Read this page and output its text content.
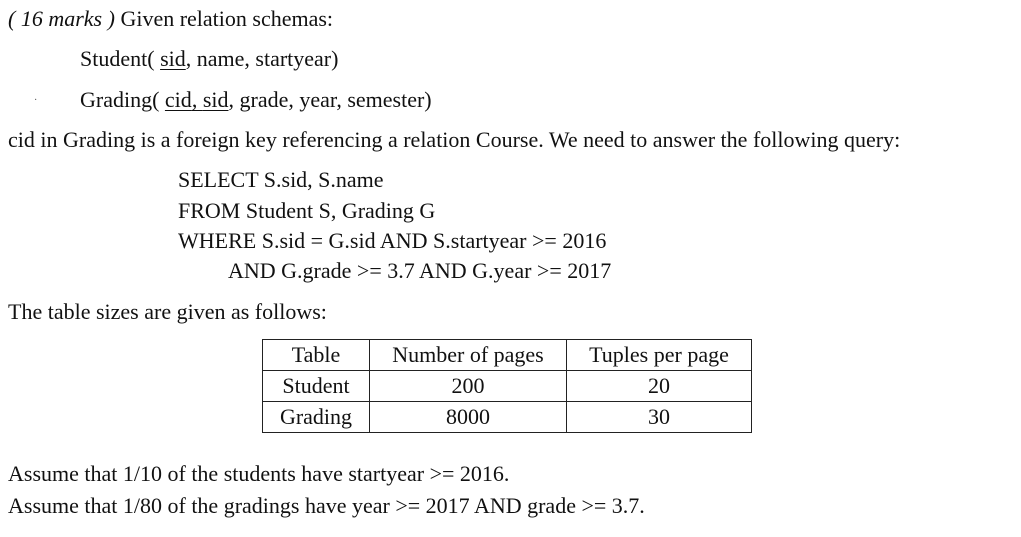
( 16 marks ) Given relation schemas:
Student( sid, name, startyear)
· Grading( cid, sid, grade, year, semester)
cid in Grading is a foreign key referencing a relation Course. We need to answer the following query:
SELECT S.sid, S.name
FROM Student S, Grading G
WHERE S.sid = G.sid AND S.startyear >= 2016
AND G.grade >= 3.7 AND G.year >= 2017
The table sizes are given as follows:
Table	Number of pages	Tuples per page
Student	200	20
Grading	8000	30
Assume that 1/10 of the students have startyear >= 2016.
Assume that 1/80 of the gradings have year >= 2017 AND grade >= 3.7.
